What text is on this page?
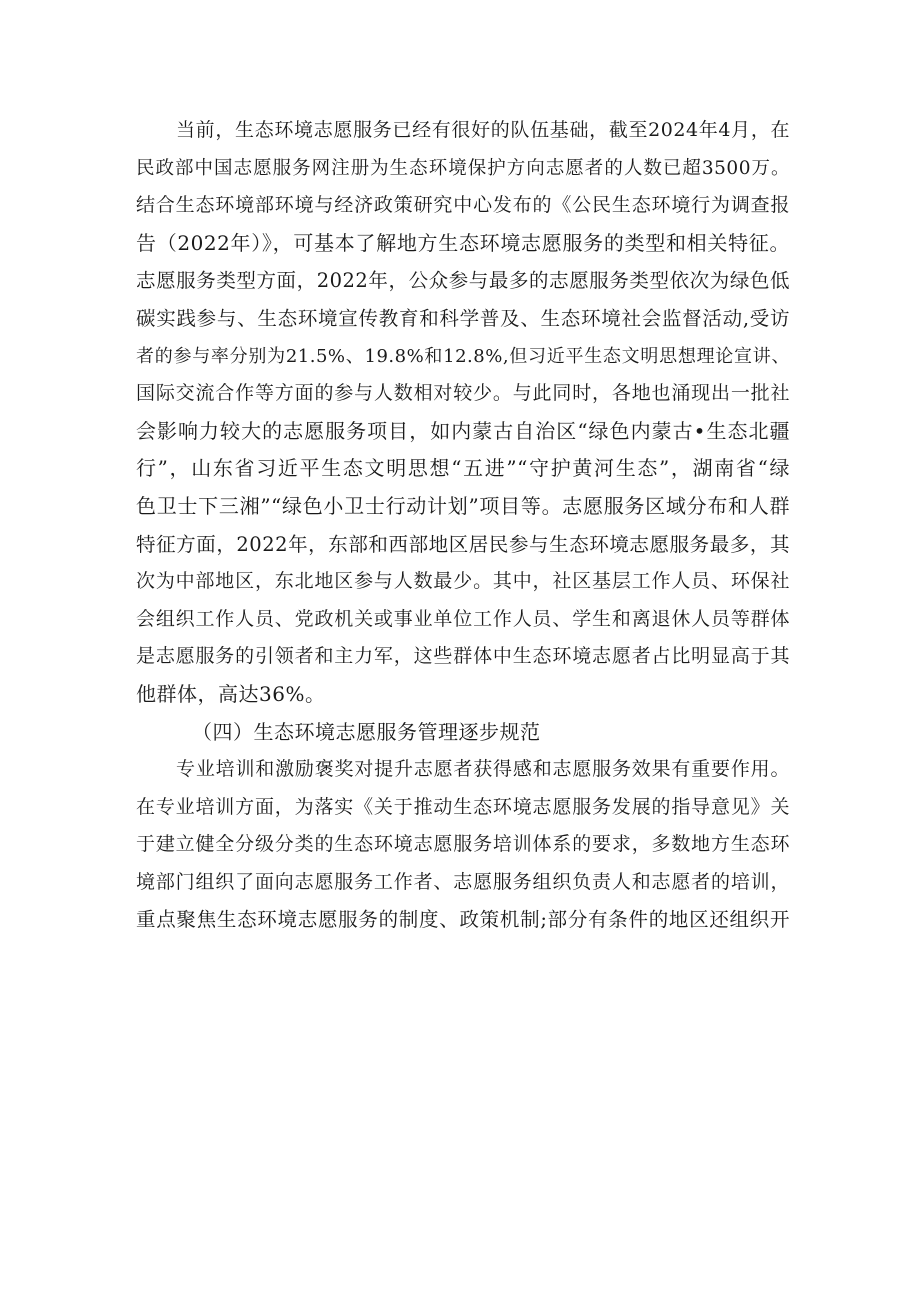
当前，生态环境志愿服务已经有很好的队伍基础，截至2024年4月，在
民政部中国志愿服务网注册为生态环境保护方向志愿者的人数已超3500万。
结合生态环境部环境与经济政策研究中心发布的《公民生态环境行为调查报
告（2022年）》，可基本了解地方生态环境志愿服务的类型和相关特征。
志愿服务类型方面，2022年，公众参与最多的志愿服务类型依次为绿色低
碳实践参与、生态环境宣传教育和科学普及、生态环境社会监督活动,受访
者的参与率分别为21.5%、19.8%和12.8%,但习近平生态文明思想理论宣讲、
国际交流合作等方面的参与人数相对较少。与此同时，各地也涌现出一批社
会影响力较大的志愿服务项目，如内蒙古自治区“绿色内蒙古•生态北疆
行”，山东省习近平生态文明思想“五进”“守护黄河生态”，湖南省“绿
色卫士下三湘”“绿色小卫士行动计划”项目等。志愿服务区域分布和人群
特征方面，2022年，东部和西部地区居民参与生态环境志愿服务最多，其
次为中部地区，东北地区参与人数最少。其中，社区基层工作人员、环保社
会组织工作人员、党政机关或事业单位工作人员、学生和离退休人员等群体
是志愿服务的引领者和主力军，这些群体中生态环境志愿者占比明显高于其
他群体，高达36%。
（四）生态环境志愿服务管理逐步规范
专业培训和激励褒奖对提升志愿者获得感和志愿服务效果有重要作用。
在专业培训方面，为落实《关于推动生态环境志愿服务发展的指导意见》关
于建立健全分级分类的生态环境志愿服务培训体系的要求，多数地方生态环
境部门组织了面向志愿服务工作者、志愿服务组织负责人和志愿者的培训，
重点聚焦生态环境志愿服务的制度、政策机制;部分有条件的地区还组织开
